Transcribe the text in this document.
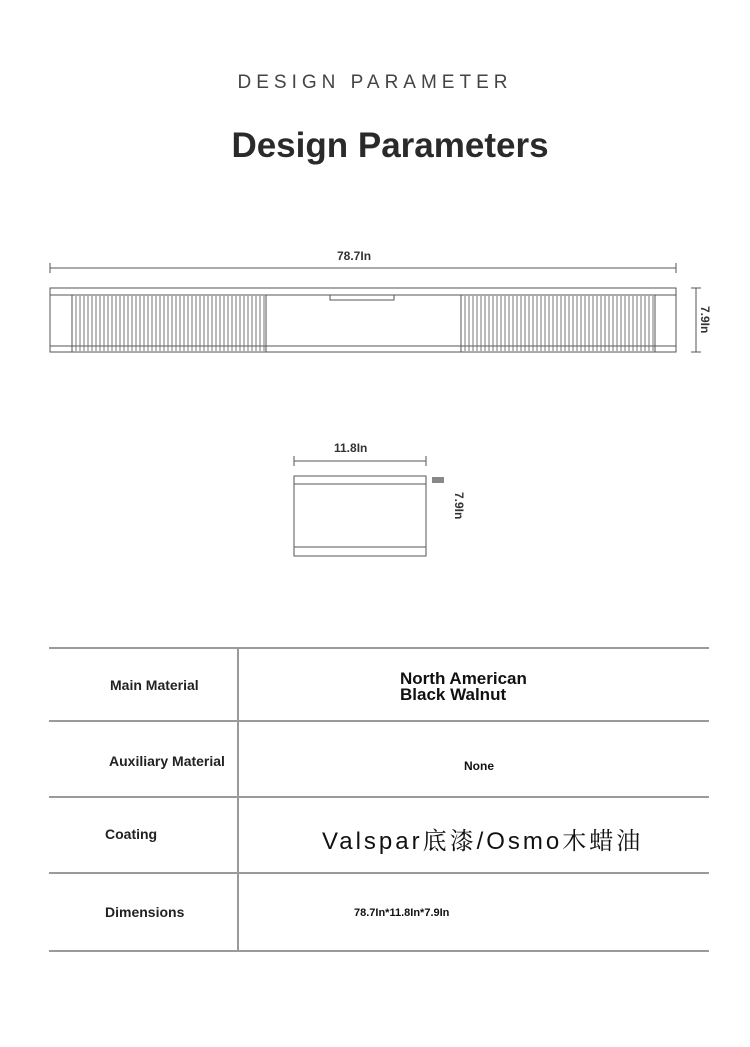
DESIGN PARAMETER
Design Parameters
78.7In
7.9In
11.8In
7.9In
Main Material	North American
Black Walnut
Auxiliary Material	None
Coating	Valspar底漆/Osmo木蜡油
Dimensions	78.7In*11.8In*7.9In
